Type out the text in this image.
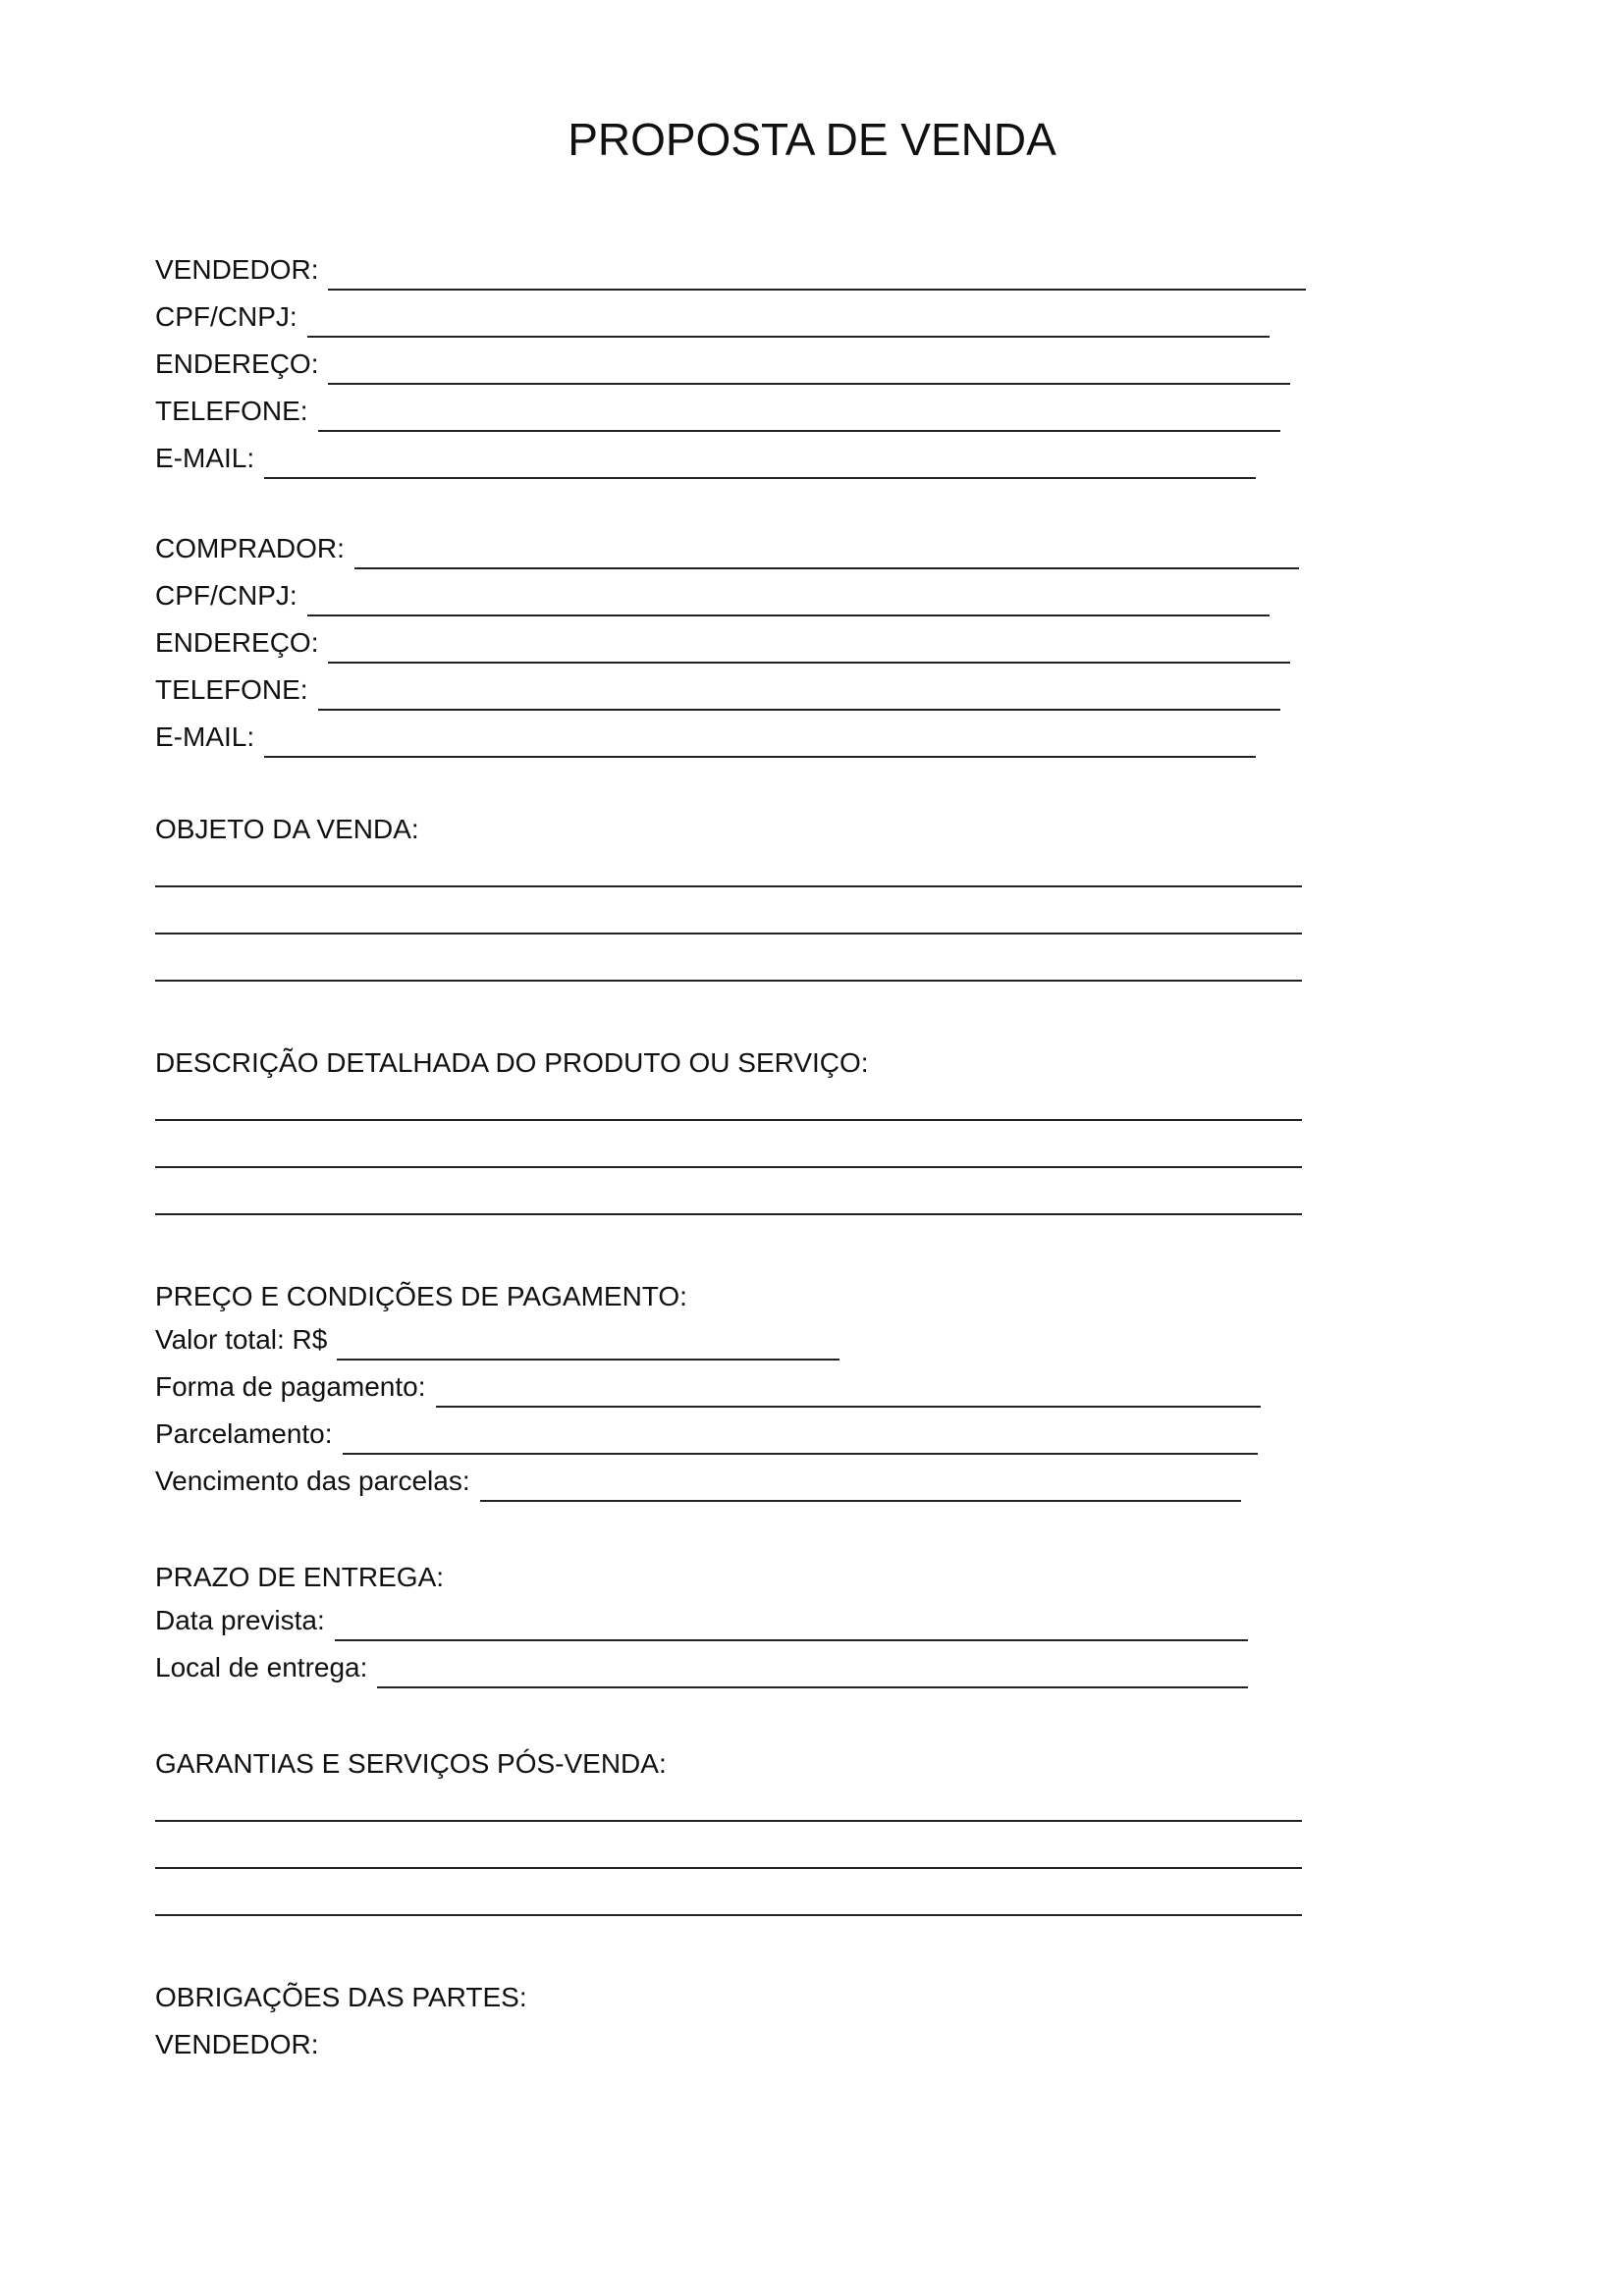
PROPOSTA DE VENDA
VENDEDOR:
CPF/CNPJ:
ENDEREÇO:
TELEFONE:
E-MAIL:
COMPRADOR:
CPF/CNPJ:
ENDEREÇO:
TELEFONE:
E-MAIL:
OBJETO DA VENDA:
DESCRIÇÃO DETALHADA DO PRODUTO OU SERVIÇO:
PREÇO E CONDIÇÕES DE PAGAMENTO:
Valor total: R$
Forma de pagamento:
Parcelamento:
Vencimento das parcelas:
PRAZO DE ENTREGA:
Data prevista:
Local de entrega:
GARANTIAS E SERVIÇOS PÓS-VENDA:
OBRIGAÇÕES DAS PARTES:
VENDEDOR:
